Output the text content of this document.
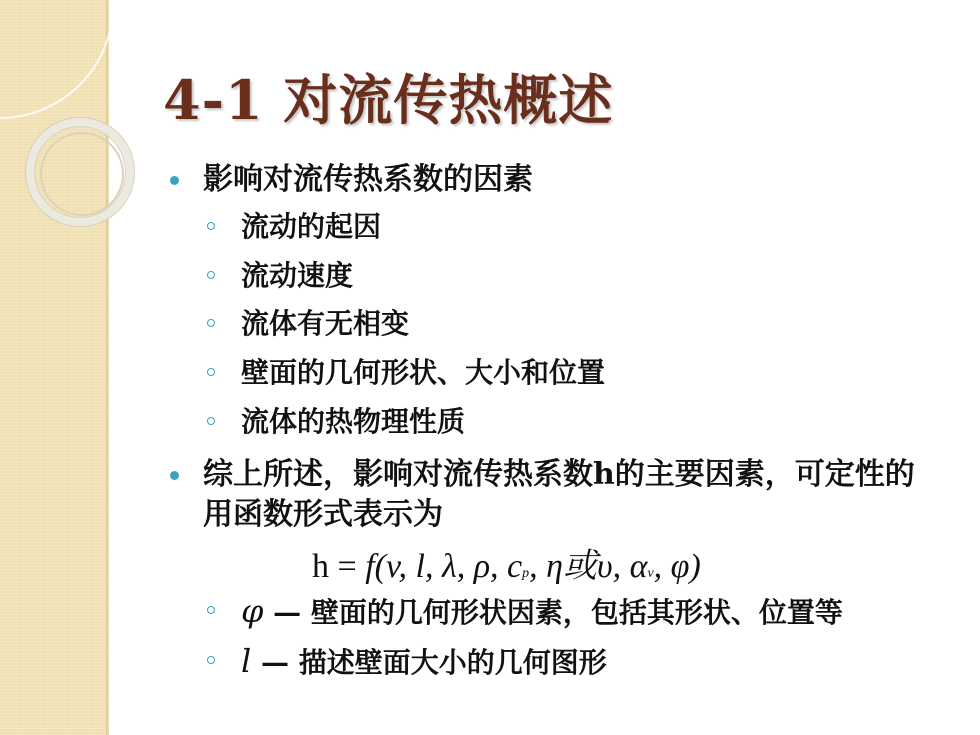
4-1 对流传热概述
影响对流传热系数的因素
流动的起因
流动速度
流体有无相变
壁面的几何形状、大小和位置
流体的热物理性质
综上所述，影响对流传热系数h的主要因素，可定性的用函数形式表示为
h = f(v, l, λ, ρ, cp, η或υ, αv, φ)
φ — 壁面的几何形状因素，包括其形状、位置等
l — 描述壁面大小的几何图形
